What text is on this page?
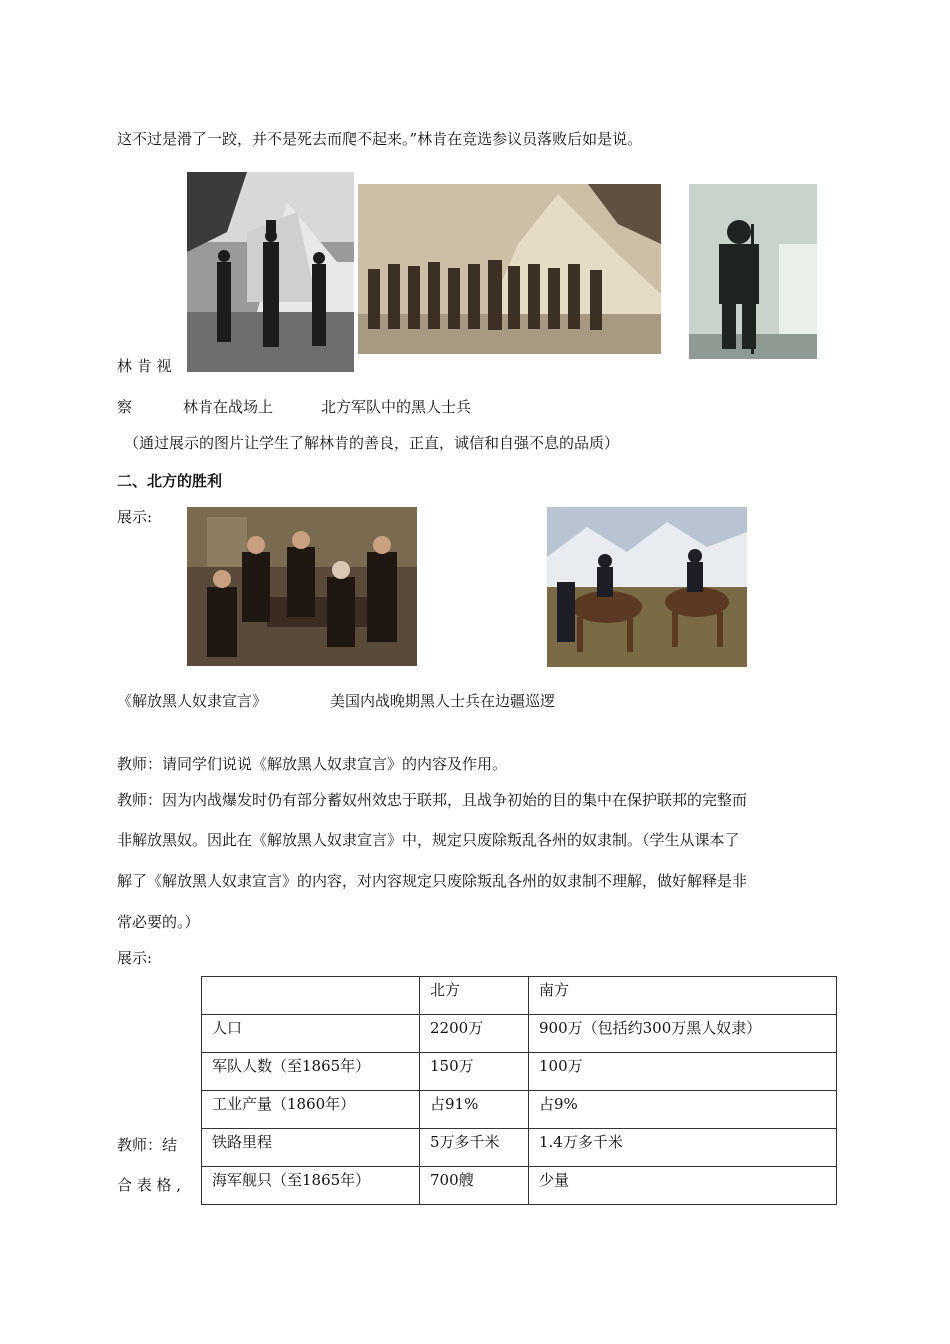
这不过是滑了一跤，并不是死去而爬不起来。”林肯在竞选参议员落败后如是说。
林 肯 视
察	林肯在战场上	北方军队中的黑人士兵
（通过展示的图片让学生了解林肯的善良，正直，诚信和自强不息的品质）
二、北方的胜利
展示:
《解放黑人奴隶宣言》	美国内战晚期黑人士兵在边疆巡逻
教师：请同学们说说《解放黑人奴隶宣言》的内容及作用。
教师：因为内战爆发时仍有部分蓄奴州效忠于联邦，且战争初始的目的集中在保护联邦的完整而
非解放黑奴。因此在《解放黑人奴隶宣言》中，规定只废除叛乱各州的奴隶制。（学生从课本了
解了《解放黑人奴隶宣言》的内容，对内容规定只废除叛乱各州的奴隶制不理解，做好解释是非
常必要的。）
展示:
教师：结
合 表 格 ,
	北方	南方
人口	2200万	900万（包括约300万黑人奴隶）
军队人数（至1865年）	150万	100万
工业产量（1860年）	占91%	占9%
铁路里程	5万多千米	1.4万多千米
海军舰只（至1865年）	700艘	少量
